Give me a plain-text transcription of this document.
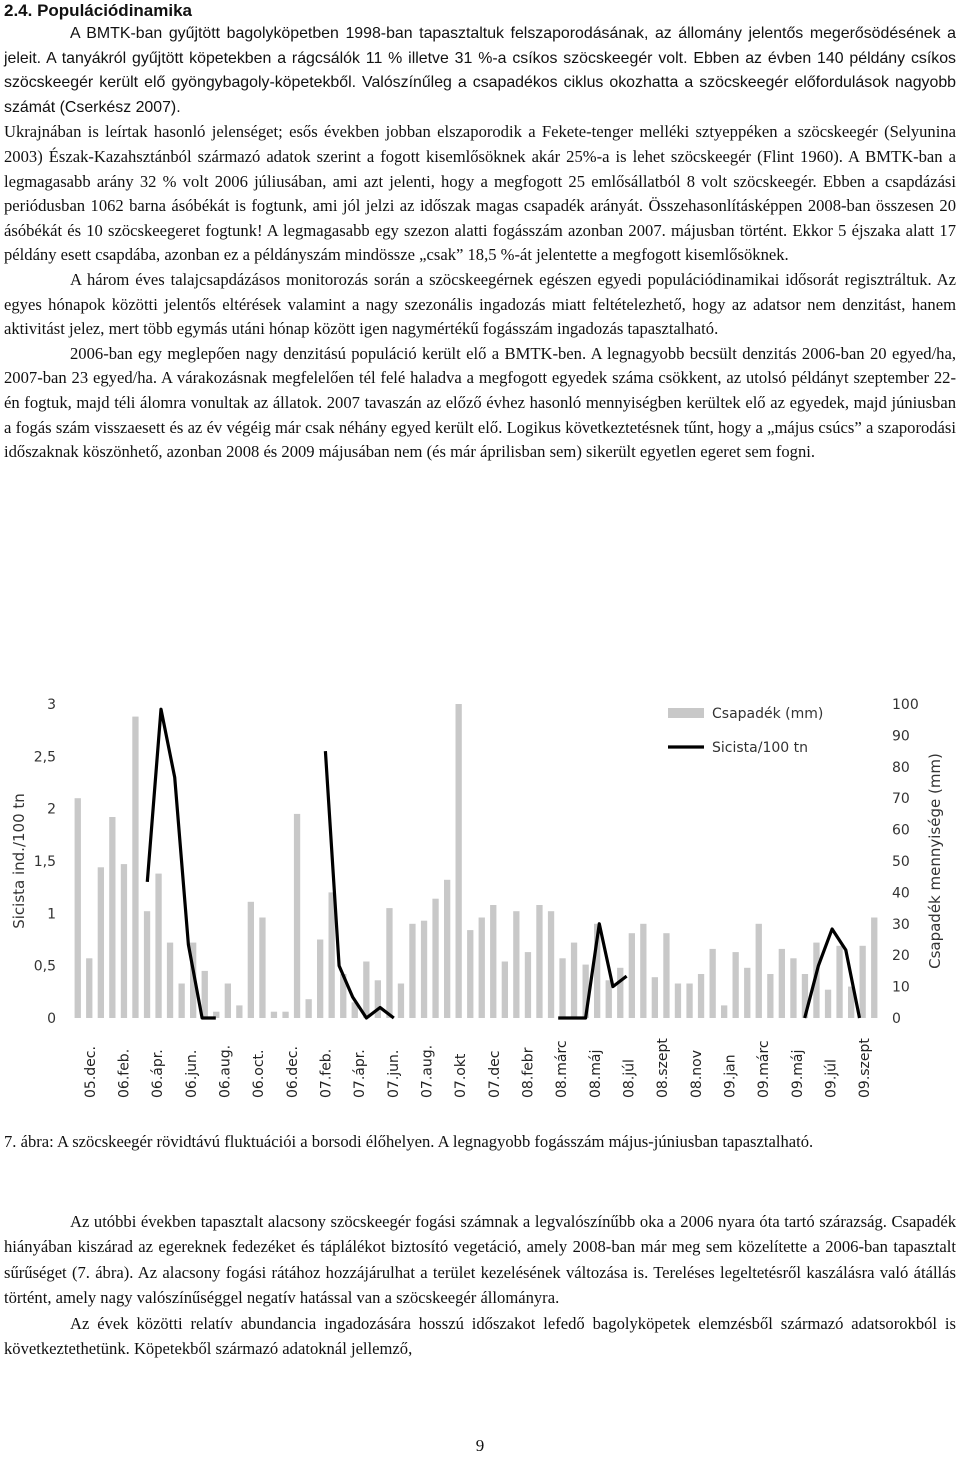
2.4. Populációdinamika

A BMTK-ban gyűjtött bagolyköpetben 1998-ban tapasztaltuk felszaporodásának, az állomány jelentős megerősödésének a jeleit. A tanyákról gyűjtött köpetekben a rágcsálók 11 % illetve 31 %-a csíkos szöcskeegér volt. Ebben az évben 140 példány csíkos szöcskeegér került elő gyöngybagoly-köpetekből. Valószínűleg a csapadékos ciklus okozhatta a szöcskeegér előfordulások nagyobb számát (Cserkész 2007).

Ukrajnában is leírtak hasonló jelenséget; esős években jobban elszaporodik a Fekete-tenger melléki sztyeppéken a szöcskeegér (Selyunina 2003) Észak-Kazahsztánból származó adatok szerint a fogott kisemlősöknek akár 25%-a is lehet szöcskeegér (Flint 1960). A BMTK-ban a legmagasabb arány 32 % volt 2006 júliusában, ami azt jelenti, hogy a megfogott 25 emlősállatból 8 volt szöcskeegér. Ebben a csapdázási periódusban 1062 barna ásóbékát is fogtunk, ami jól jelzi az időszak magas csapadék arányát. Összehasonlításképpen 2008-ban összesen 20 ásóbékát és 10 szöcskeegeret fogtunk! A legmagasabb egy szezon alatti fogásszám azonban 2007. májusban történt. Ekkor 5 éjszaka alatt 17 példány esett csapdába, azonban ez a példányszám mindössze „csak” 18,5 %-át jelentette a megfogott kisemlősöknek.

A három éves talajcsapdázásos monitorozás során a szöcskeegérnek egészen egyedi populációdinamikai idősorát regisztráltuk. Az egyes hónapok közötti jelentős eltérések valamint a nagy szezonális ingadozás miatt feltételezhető, hogy az adatsor nem denzitást, hanem aktivitást jelez, mert több egymás utáni hónap között igen nagymértékű fogásszám ingadozás tapasztalható.

2006-ban egy meglepően nagy denzitású populáció került elő a BMTK-ben. A legnagyobb becsült denzitás 2006-ban 20 egyed/ha, 2007-ban 23 egyed/ha. A várakozásnak megfelelően tél felé haladva a megfogott egyedek száma csökkent, az utolsó példányt szeptember 22-én fogtuk, majd téli álomra vonultak az állatok. 2007 tavaszán az előző évhez hasonló mennyiségben kerültek elő az egyedek, majd júniusban a fogás szám visszaesett és az év végéig már csak néhány egyed került elő. Logikus következtetésnek tűnt, hogy a „május csúcs” a szaporodási időszaknak köszönhető, azonban 2008 és 2009 májusában nem (és már áprilisban sem) sikerült egyetlen egeret sem fogni.

0
0,5
1
1,5
2
2,5
3
0
10
20
30
40
50
60
70
80
90
100
Sicista ind./100 tn	Csapadék mennyisége (mm)
05.dec. 06.feb. 06.ápr. 06.jun. 06.aug. 06.oct. 06.dec. 07.feb. 07.ápr. 07.jun. 07.aug. 07.okt 07.dec 08.febr 08.márc 08.máj 08.júl 08.szept 08.nov 09.jan 09.márc 09.máj 09.júl 09.szept
Csapadék (mm)
Sicista/100 tn
7. ábra: A szöcskeegér rövidtávú fluktuációi a borsodi élőhelyen. A legnagyobb fogásszám május-júniusban tapasztalható.

Az utóbbi években tapasztalt alacsony szöcskeegér fogási számnak a legvalószínűbb oka a 2006 nyara óta tartó szárazság. Csapadék hiányában kiszárad az egereknek fedezéket és táplálékot biztosító vegetáció, amely 2008-ban már meg sem közelítette a 2006-ban tapasztalt sűrűséget (7. ábra). Az alacsony fogási rátához hozzájárulhat a terület kezelésének változása is. Tereléses legeltetésről kaszálásra való átállás történt, amely nagy valószínűséggel negatív hatással van a szöcskeegér állományra.

Az évek közötti relatív abundancia ingadozására hosszú időszakot lefedő bagolyköpetek elemzésből származó adatsorokból is következtethetünk. Köpetekből származó adatoknál jellemző,

9
